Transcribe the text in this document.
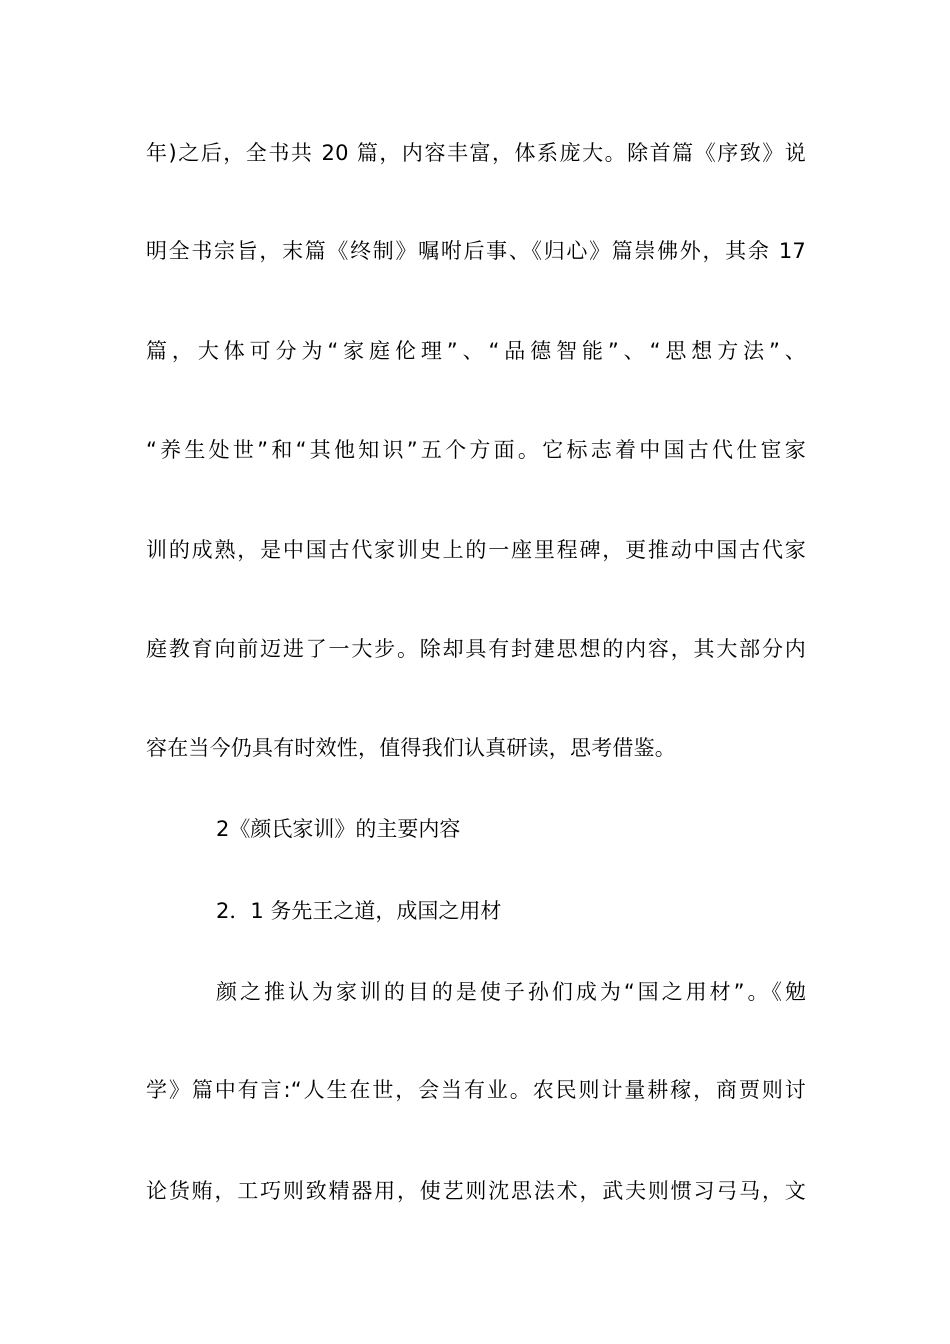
年)之后，全书共 20 篇，内容丰富，体系庞大。除首篇《序致》说
明全书宗旨，末篇《终制》嘱咐后事、《归心》篇崇佛外，其余 17
篇，大体可分为“家庭伦理”、“品德智能”、“思想方法”、
“养生处世”和“其他知识”五个方面。它标志着中国古代仕宦家
训的成熟，是中国古代家训史上的一座里程碑，更推动中国古代家
庭教育向前迈进了一大步。除却具有封建思想的内容，其大部分内
容在当今仍具有时效性，值得我们认真研读，思考借鉴。
2《颜氏家训》的主要内容
2．1 务先王之道，成国之用材
颜之推认为家训的目的是使子孙们成为“国之用材”。《勉
学》篇中有言:“人生在世，会当有业。农民则计量耕稼，商贾则讨
论货贿，工巧则致精器用，使艺则沈思法术，武夫则惯习弓马，文
